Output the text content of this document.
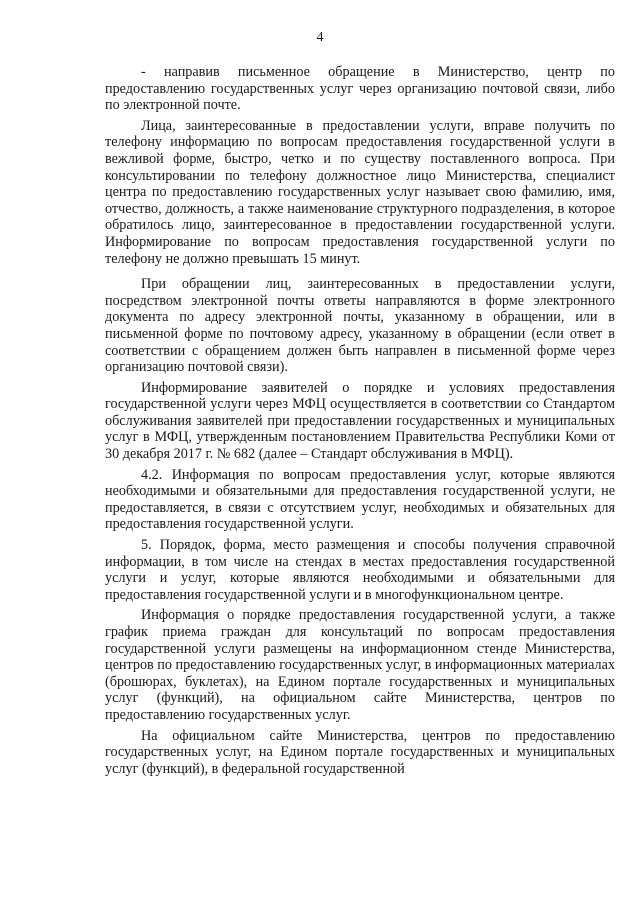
4

- направив письменное обращение в Министерство, центр по предоставлению государственных услуг через организацию почтовой связи, либо по электронной почте.

Лица, заинтересованные в предоставлении услуги, вправе получить по телефону информацию по вопросам предоставления государственной услуги в вежливой форме, быстро, четко и по существу поставленного вопроса. При консультировании по телефону должностное лицо Министерства, специалист центра по предоставлению государственных услуг называет свою фамилию, имя, отчество, должность, а также наименование структурного подразделения, в которое обратилось лицо, заинтересованное в предоставлении государственной услуги. Информирование по вопросам предоставления государственной услуги по телефону не должно превышать 15 минут.

При обращении лиц, заинтересованных в предоставлении услуги, посредством электронной почты ответы направляются в форме электронного документа по адресу электронной почты, указанному в обращении, или в письменной форме по почтовому адресу, указанному в обращении (если ответ в соответствии с обращением должен быть направлен в письменной форме через организацию почтовой связи).

Информирование заявителей о порядке и условиях предоставления государственной услуги через МФЦ осуществляется в соответствии со Стандартом обслуживания заявителей при предоставлении государственных и муниципальных услуг в МФЦ, утвержденным постановлением Правительства Республики Коми от 30 декабря 2017 г. № 682 (далее – Стандарт обслуживания в МФЦ).

4.2. Информация по вопросам предоставления услуг, которые являются необходимыми и обязательными для предоставления государственной услуги, не предоставляется, в связи с отсутствием услуг, необходимых и обязательных для предоставления государственной услуги.

5. Порядок, форма, место размещения и способы получения справочной информации, в том числе на стендах в местах предоставления государственной услуги и услуг, которые являются необходимыми и обязательными для предоставления государственной услуги и в многофункциональном центре.

Информация о порядке предоставления государственной услуги, а также график приема граждан для консультаций по вопросам предоставления государственной услуги размещены на информационном стенде Министерства, центров по предоставлению государственных услуг, в информационных материалах (брошюрах, буклетах), на Едином портале государственных и муниципальных услуг (функций), на официальном сайте Министерства, центров по предоставлению государственных услуг.

На официальном сайте Министерства, центров по предоставлению государственных услуг, на Едином портале государственных и муниципальных услуг (функций), в федеральной государственной
